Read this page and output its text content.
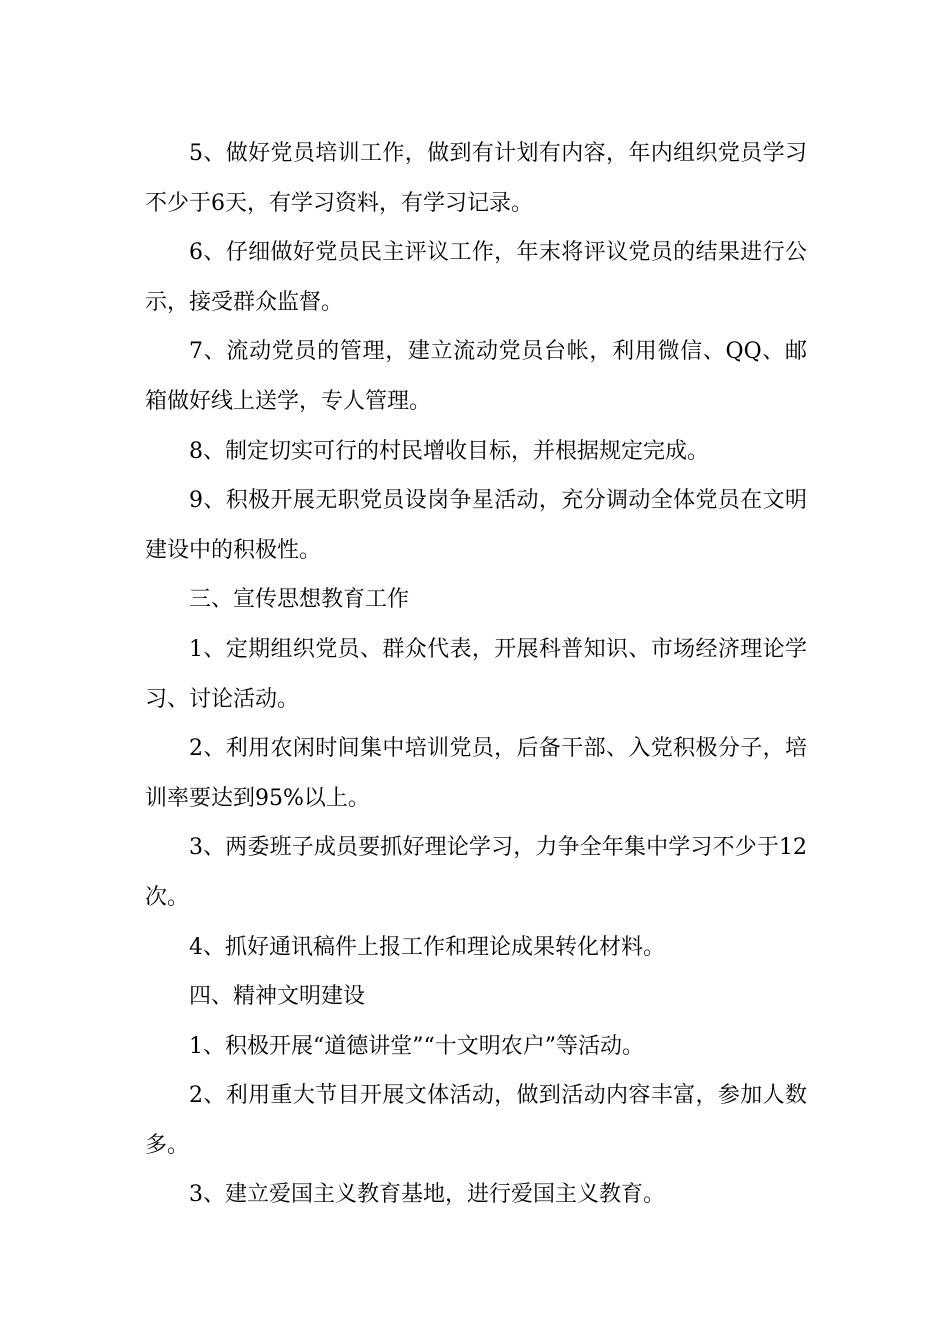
5、做好党员培训工作，做到有计划有内容，年内组织党员学习不少于6天，有学习资料，有学习记录。

6、仔细做好党员民主评议工作，年末将评议党员的结果进行公示，接受群众监督。

7、流动党员的管理，建立流动党员台帐，利用微信、QQ、邮箱做好线上送学，专人管理。

8、制定切实可行的村民增收目标，并根据规定完成。

9、积极开展无职党员设岗争星活动，充分调动全体党员在文明建设中的积极性。

三、宣传思想教育工作

1、定期组织党员、群众代表，开展科普知识、市场经济理论学习、讨论活动。

2、利用农闲时间集中培训党员，后备干部、入党积极分子，培训率要达到95%以上。

3、两委班子成员要抓好理论学习，力争全年集中学习不少于12次。

4、抓好通讯稿件上报工作和理论成果转化材料。

四、精神文明建设

1、积极开展“道德讲堂”“十文明农户”等活动。

2、利用重大节目开展文体活动，做到活动内容丰富，参加人数多。

3、建立爱国主义教育基地，进行爱国主义教育。
